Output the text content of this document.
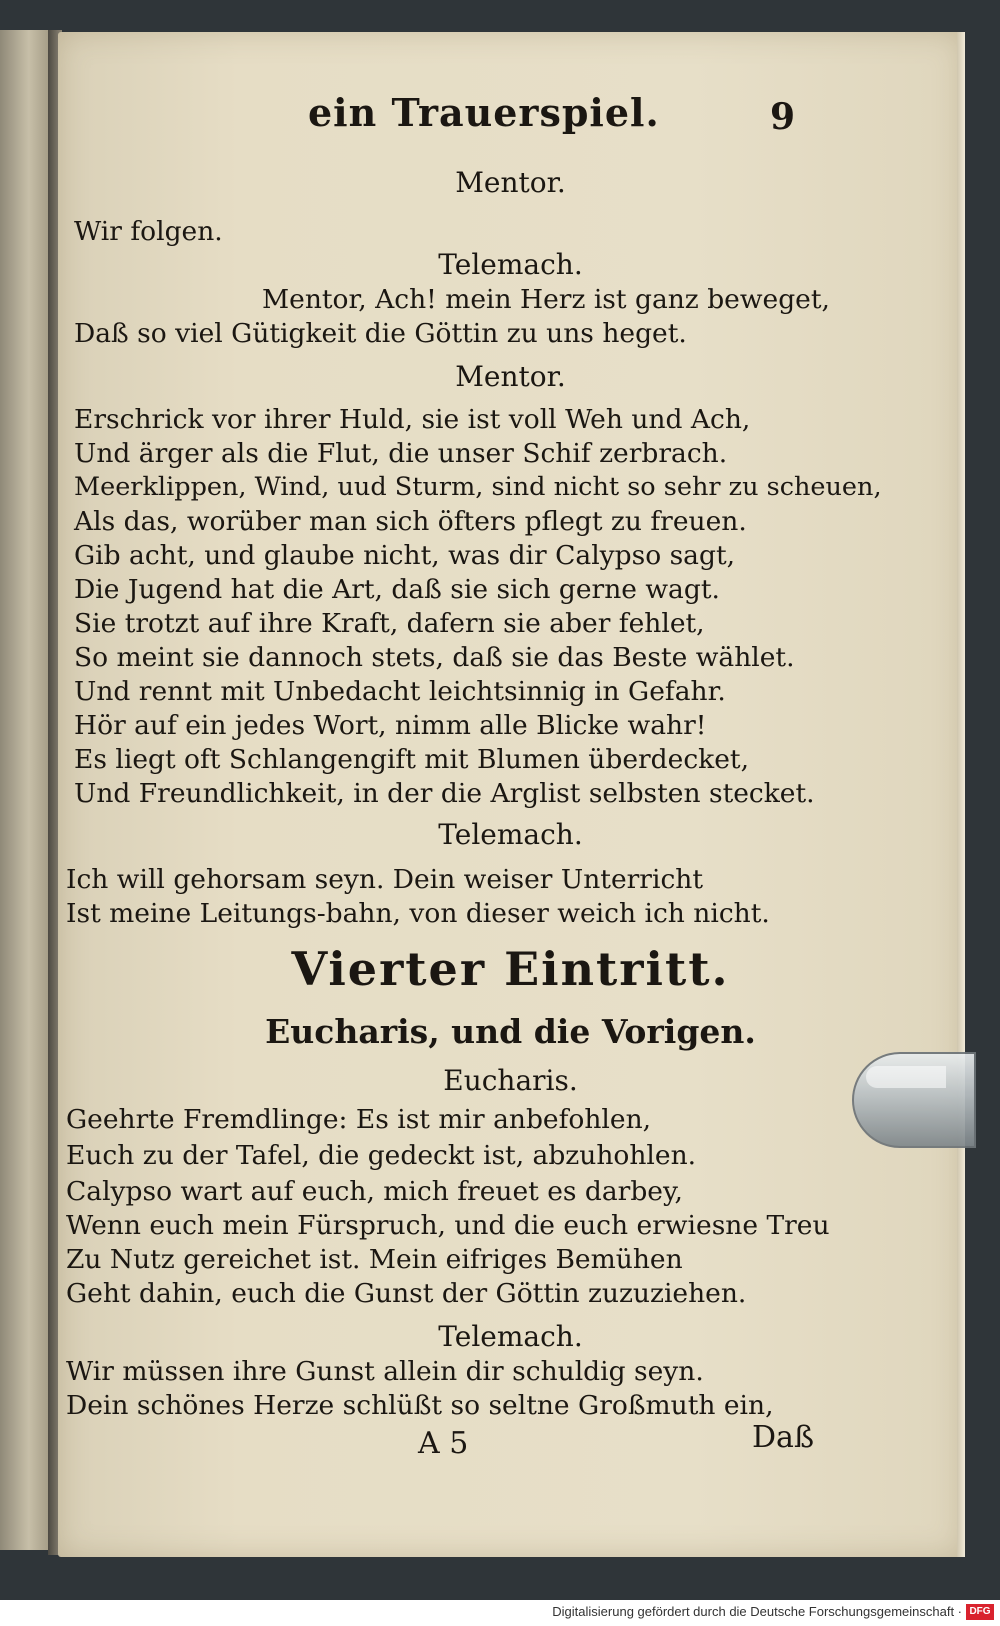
ein Trauerspiel.	9
Mentor.
Wir folgen.
Telemach.
Mentor, Ach! mein Herz ist ganz beweget,
Daß so viel Gütigkeit die Göttin zu uns heget.
Mentor.
Erschrick vor ihrer Huld, sie ist voll Weh und Ach,
Und ärger als die Flut, die unser Schif zerbrach.
Meerklippen, Wind, uud Sturm, sind nicht so sehr zu scheuen,
Als das, worüber man sich öfters pflegt zu freuen.
Gib acht, und glaube nicht, was dir Calypso sagt,
Die Jugend hat die Art, daß sie sich gerne wagt.
Sie trotzt auf ihre Kraft, dafern sie aber fehlet,
So meint sie dannoch stets, daß sie das Beste wählet.
Und rennt mit Unbedacht leichtsinnig in Gefahr.
Hör auf ein jedes Wort, nimm alle Blicke wahr!
Es liegt oft Schlangengift mit Blumen überdecket,
Und Freundlichkeit, in der die Arglist selbsten stecket.
Telemach.
Ich will gehorsam seyn. Dein weiser Unterricht
Ist meine Leitungs-bahn, von dieser weich ich nicht.
Vierter Eintritt.
Eucharis, und die Vorigen.
Eucharis.
Geehrte Fremdlinge: Es ist mir anbefohlen,
Euch zu der Tafel, die gedeckt ist, abzuhohlen.
Calypso wart auf euch, mich freuet es darbey,
Wenn euch mein Fürspruch, und die euch erwiesne Treu
Zu Nutz gereichet ist. Mein eifriges Bemühen
Geht dahin, euch die Gunst der Göttin zuzuziehen.
Telemach.
Wir müssen ihre Gunst allein dir schuldig seyn.
Dein schönes Herze schlüßt so seltne Großmuth ein,
A 5	Daß
Digitalisierung gefördert durch die Deutsche Forschungsgemeinschaft · DFG
